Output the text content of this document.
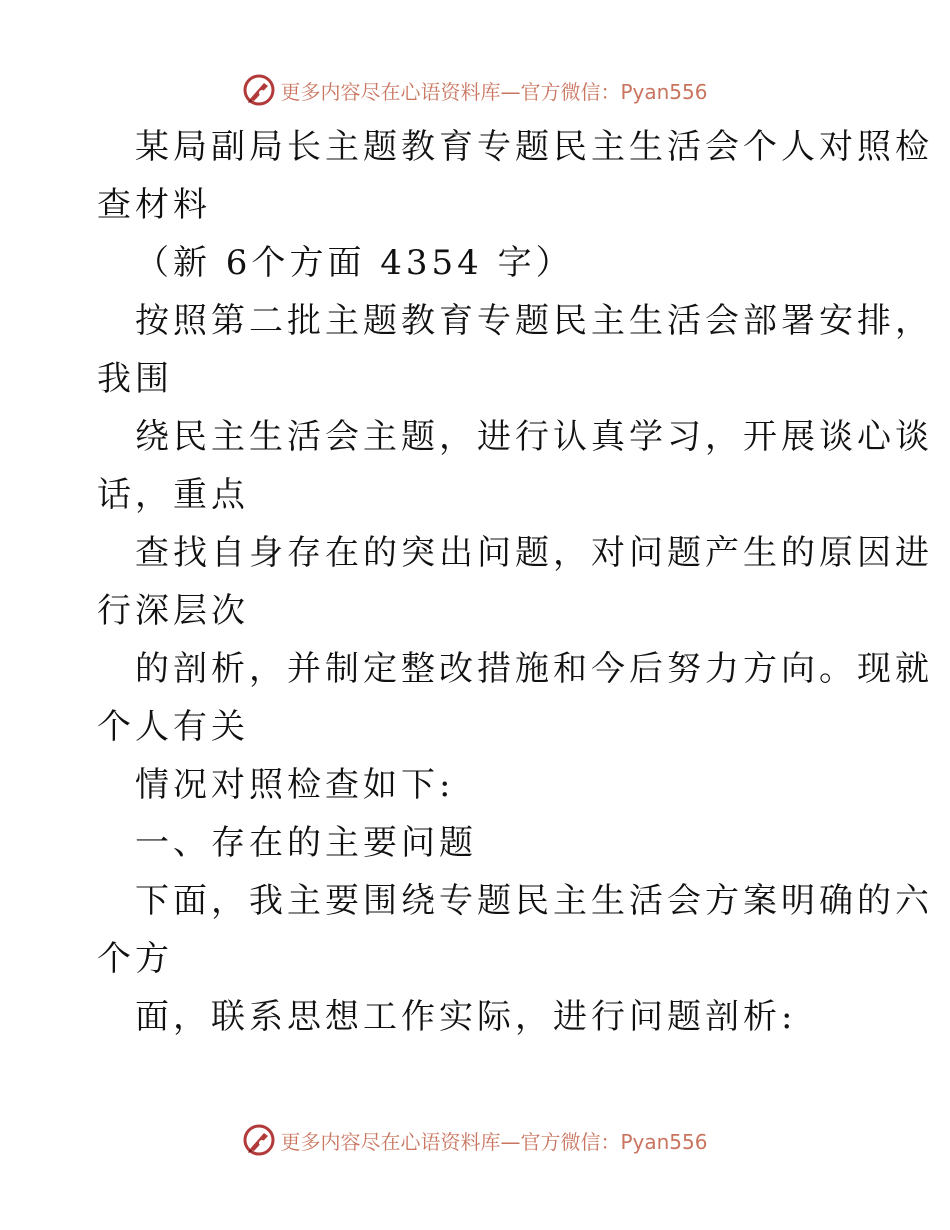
更多内容尽在心语资料库—官方微信：Pyan556
某局副局长主题教育专题民主生活会个人对照检
查材料
（新 6个方面 4354 字）
按照第二批主题教育专题民主生活会部署安排，
我围
绕民主生活会主题，进行认真学习，开展谈心谈
话，重点
查找自身存在的突出问题，对问题产生的原因进
行深层次
的剖析，并制定整改措施和今后努力方向。现就
个人有关
情况对照检查如下:
一、存在的主要问题
下面，我主要围绕专题民主生活会方案明确的六
个方
面，联系思想工作实际，进行问题剖析:
更多内容尽在心语资料库—官方微信：Pyan556
